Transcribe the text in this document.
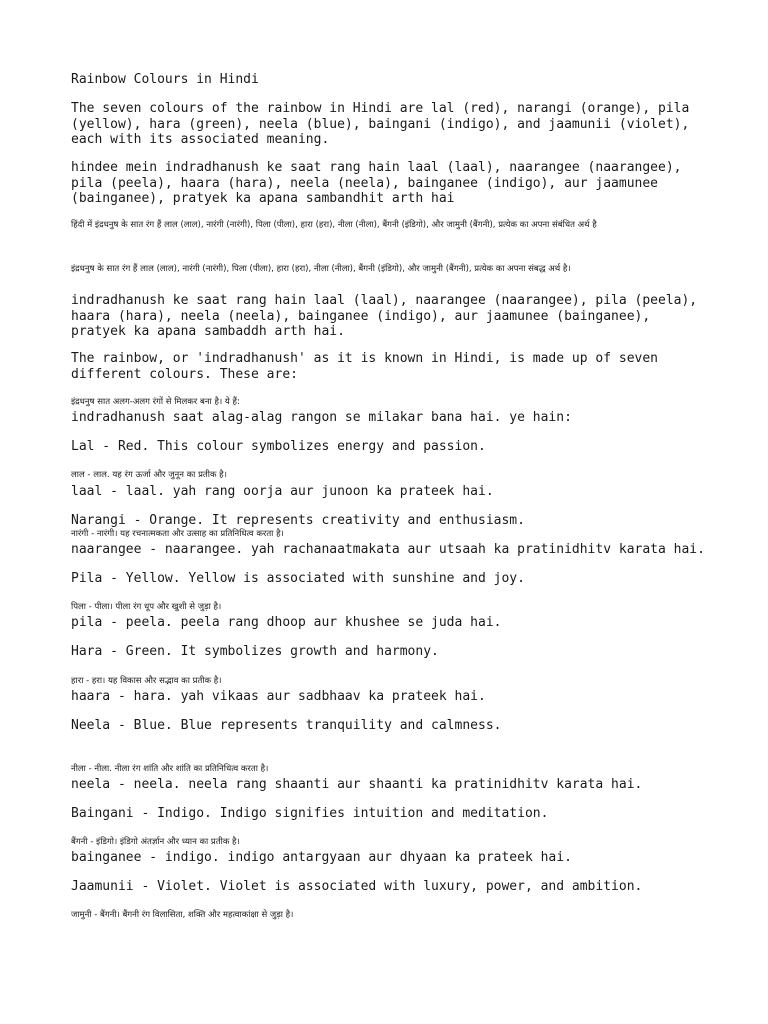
Rainbow Colours in Hindi
The seven colours of the rainbow in Hindi are lal (red), narangi (orange), pila (yellow), hara (green), neela (blue), baingani (indigo), and jaamunii (violet), each with its associated meaning.
hindee mein indradhanush ke saat rang hain laal (laal), naarangee (naarangee), pila (peela), haara (hara), neela (neela), bainganee (indigo), aur jaamunee (bainganee), pratyek ka apana sambandhit arth hai
हिंदी में इंद्रधनुष के सात रंग हैं लाल (लाल), नारंगी (नारंगी), पिला (पीला), हारा (हरा), नीला (नीला), बैंगनी (इंडिगो), और जामुनी (बैंगनी), प्रत्येक का अपना संबंधित अर्थ है
इंद्रधनुष के सात रंग हैं लाल (लाल), नारंगी (नारंगी), पिला (पीला), हारा (हरा), नीला (नीला), बैंगनी (इंडिगो), और जामुनी (बैंगनी), प्रत्येक का अपना संबद्ध अर्थ है।
indradhanush ke saat rang hain laal (laal), naarangee (naarangee), pila (peela), haara (hara), neela (neela), bainganee (indigo), aur jaamunee (bainganee), pratyek ka apana sambaddh arth hai.
The rainbow, or 'indradhanush' as it is known in Hindi, is made up of seven different colours. These are:
इंद्रधनुष सात अलग-अलग रंगों से मिलकर बना है। ये हैं:
indradhanush saat alag-alag rangon se milakar bana hai. ye hain:
Lal - Red. This colour symbolizes energy and passion.
लाल - लाल. यह रंग ऊर्जा और जुनून का प्रतीक है।
laal - laal. yah rang oorja aur junoon ka prateek hai.
Narangi - Orange. It represents creativity and enthusiasm.
नारंगी - नारंगी। यह रचनात्मकता और उत्साह का प्रतिनिधित्व करता है।
naarangee - naarangee. yah rachanaatmakata aur utsaah ka pratinidhitv karata hai.
Pila - Yellow. Yellow is associated with sunshine and joy.
पिला - पीला। पीला रंग धूप और खुशी से जुड़ा है।
pila - peela. peela rang dhoop aur khushee se juda hai.
Hara - Green. It symbolizes growth and harmony.
हारा - हरा। यह विकास और सद्भाव का प्रतीक है।
haara - hara. yah vikaas aur sadbhaav ka prateek hai.
Neela - Blue. Blue represents tranquility and calmness.
नीला - नीला. नीला रंग शांति और शांति का प्रतिनिधित्व करता है।
neela - neela. neela rang shaanti aur shaanti ka pratinidhitv karata hai.
Baingani - Indigo. Indigo signifies intuition and meditation.
बैंगनी - इंडिगो। इंडिगो अंतर्ज्ञान और ध्यान का प्रतीक है।
bainganee - indigo. indigo antargyaan aur dhyaan ka prateek hai.
Jaamunii - Violet. Violet is associated with luxury, power, and ambition.
जामुनी - बैंगनी। बैंगनी रंग विलासिता, शक्ति और महत्वाकांक्षा से जुड़ा है।
